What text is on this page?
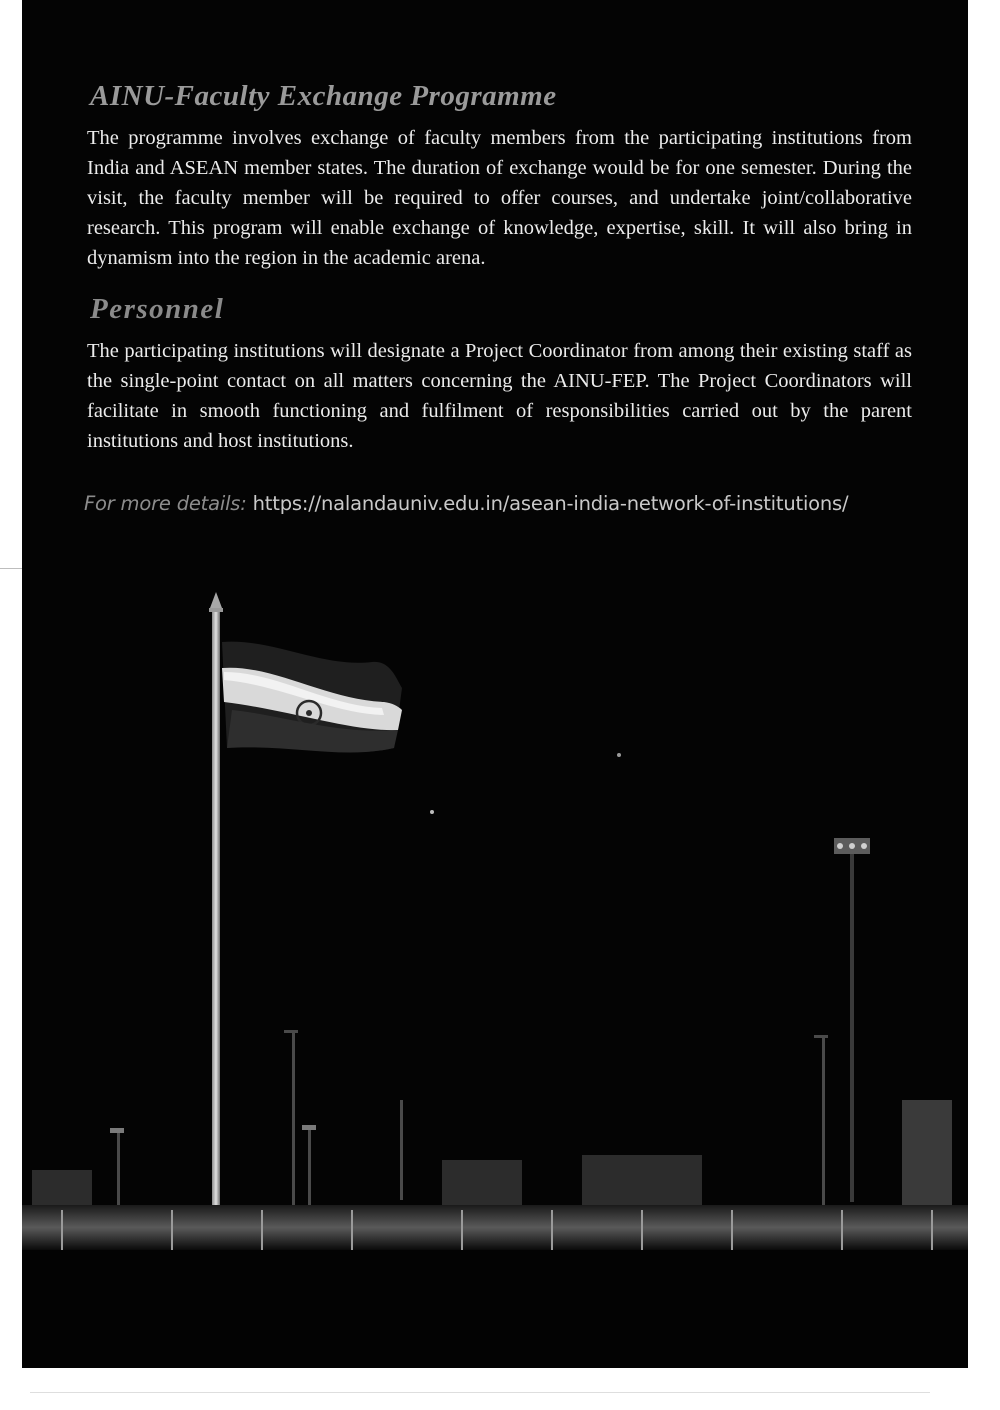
AINU-Faculty Exchange Programme

The programme involves exchange of faculty members from the participating institutions from India and ASEAN member states. The duration of exchange would be for one semester. During the visit, the faculty member will be required to offer courses, and undertake joint/collaborative research. This program will enable exchange of knowledge, expertise, skill. It will also bring in dynamism into the region in the academic arena.

Personnel

The participating institutions will designate a Project Coordinator from among their existing staff as the single-point contact on all matters concerning the AINU-FEP. The Project Coordinators will facilitate in smooth functioning and fulfilment of responsibilities carried out by the parent institutions and host institutions.

For more details: https://nalandauniv.edu.in/asean-india-network-of-institutions/
